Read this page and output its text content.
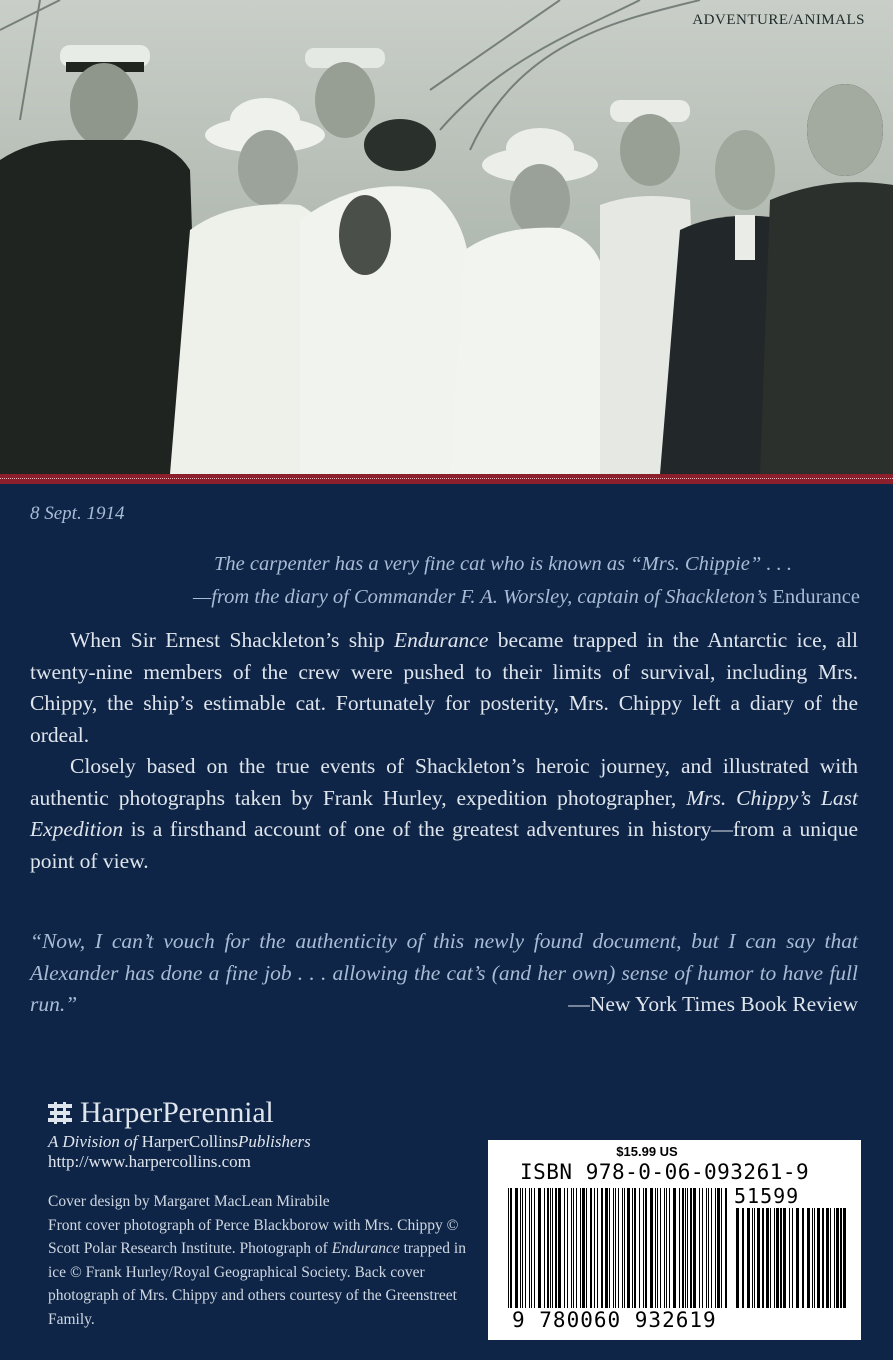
ADVENTURE/ANIMALS
8 Sept. 1914
The carpenter has a very fine cat who is known as “Mrs. Chippie” . . .
—from the diary of Commander F. A. Worsley, captain of Shackleton’s Endurance

When Sir Ernest Shackleton’s ship Endurance became trapped in the Antarctic ice, all twenty-nine members of the crew were pushed to their limits of survival, including Mrs. Chippy, the ship’s estimable cat. Fortunately for posterity, Mrs. Chippy left a diary of the ordeal.

Closely based on the true events of Shackleton’s heroic journey, and illustrated with authentic photographs taken by Frank Hurley, expedition photographer, Mrs. Chippy’s Last Expedition is a firsthand account of one of the greatest adventures in history—from a unique point of view.

“Now, I can’t vouch for the authenticity of this newly found document, but I can say that Alexander has done a fine job . . . allowing the cat’s (and her own) sense of humor to have full run.”	—New York Times Book Review
HarperPerennial
A Division of HarperCollinsPublishers
http://www.harpercollins.com
Cover design by Margaret MacLean Mirabile
Front cover photograph of Perce Blackborow with Mrs. Chippy © Scott Polar Research Institute. Photograph of Endurance trapped in ice © Frank Hurley/Royal Geographical Society. Back cover photograph of Mrs. Chippy and others courtesy of the Greenstreet Family.
$15.99 US
ISBN 978-0-06-093261-9
51599
9 780060 932619
